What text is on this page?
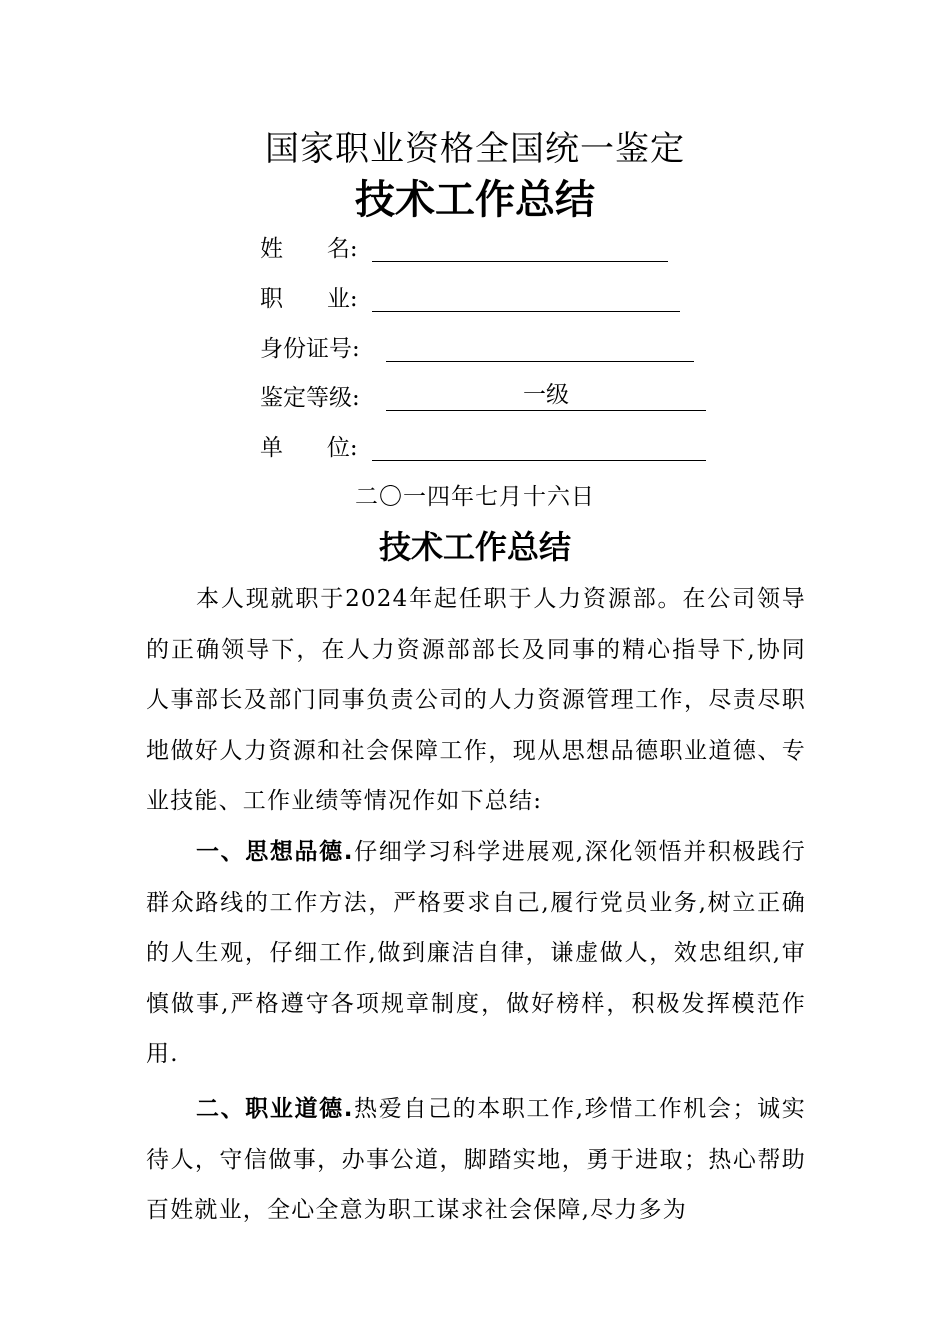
国家职业资格全国统一鉴定
技术工作总结
姓      名:
职      业:
身份证号:
鉴定等级:	一级
单      位:
二〇一四年七月十六日
技术工作总结

本人现就职于2024年起任职于人力资源部。在公司领导的正确领导下，在人力资源部部长及同事的精心指导下,协同人事部长及部门同事负责公司的人力资源管理工作，尽责尽职地做好人力资源和社会保障工作，现从思想品德职业道德、专业技能、工作业绩等情况作如下总结:

一、思想品德.仔细学习科学进展观,深化领悟并积极践行群众路线的工作方法，严格要求自己,履行党员业务,树立正确的人生观，仔细工作,做到廉洁自律，谦虚做人，效忠组织,审慎做事,严格遵守各项规章制度，做好榜样，积极发挥模范作用.

二、职业道德.热爱自己的本职工作,珍惜工作机会；诚实待人，守信做事，办事公道，脚踏实地，勇于进取；热心帮助百姓就业，全心全意为职工谋求社会保障,尽力多为
